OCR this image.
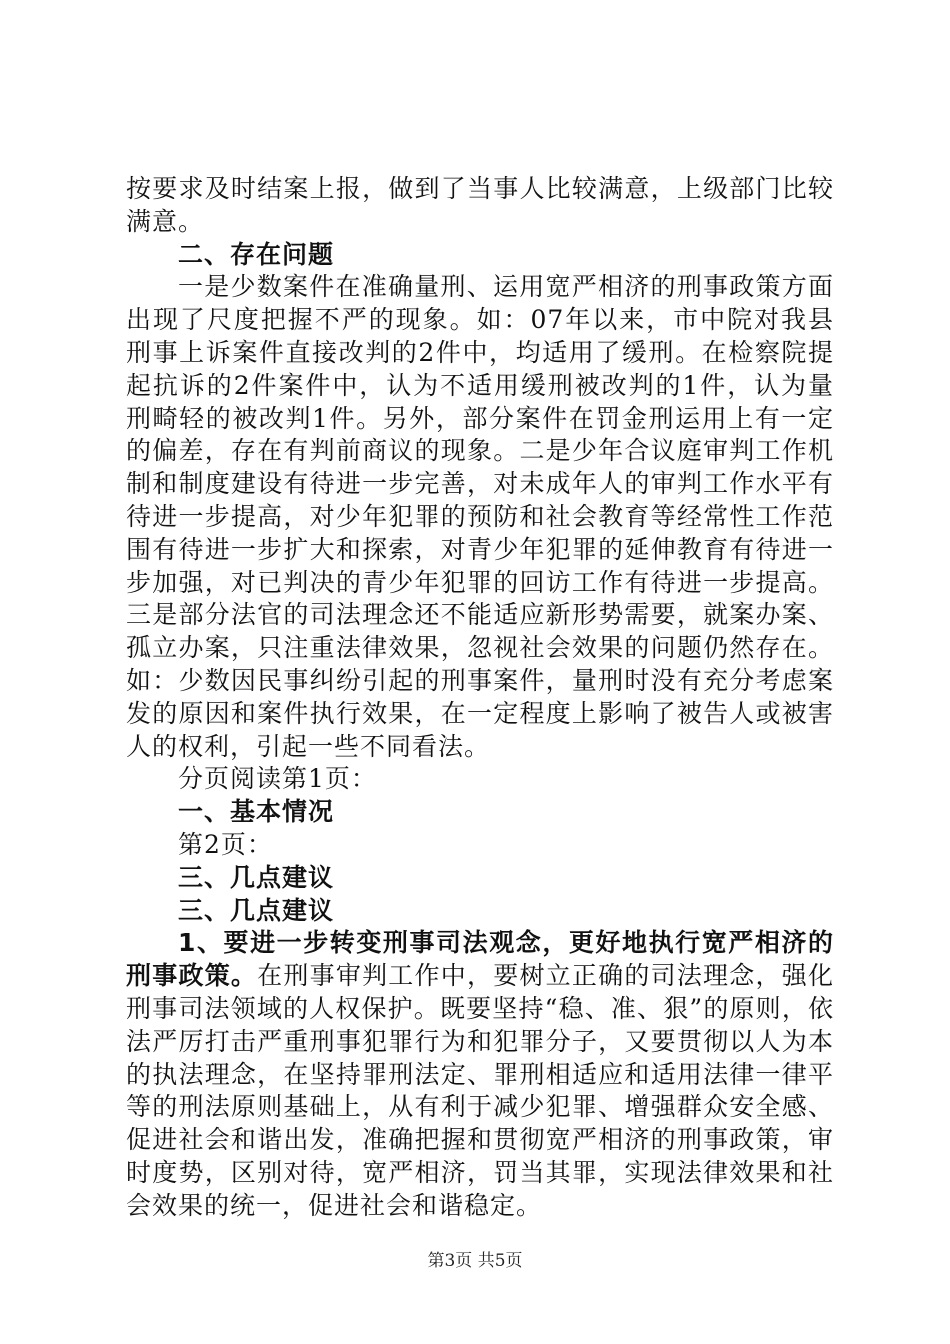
按要求及时结案上报，做到了当事人比较满意，上级部门比较满意。

二、存在问题

一是少数案件在准确量刑、运用宽严相济的刑事政策方面出现了尺度把握不严的现象。如：07年以来，市中院对我县刑事上诉案件直接改判的2件中，均适用了缓刑。在检察院提起抗诉的2件案件中，认为不适用缓刑被改判的1件，认为量刑畸轻的被改判1件。另外，部分案件在罚金刑运用上有一定的偏差，存在有判前商议的现象。二是少年合议庭审判工作机制和制度建设有待进一步完善，对未成年人的审判工作水平有待进一步提高，对少年犯罪的预防和社会教育等经常性工作范围有待进一步扩大和探索，对青少年犯罪的延伸教育有待进一步加强，对已判决的青少年犯罪的回访工作有待进一步提高。三是部分法官的司法理念还不能适应新形势需要，就案办案、孤立办案，只注重法律效果，忽视社会效果的问题仍然存在。如：少数因民事纠纷引起的刑事案件，量刑时没有充分考虑案发的原因和案件执行效果，在一定程度上影响了被告人或被害人的权利，引起一些不同看法。

分页阅读第1页：

一、基本情况

第2页：

三、几点建议

三、几点建议

1、要进一步转变刑事司法观念，更好地执行宽严相济的刑事政策。在刑事审判工作中，要树立正确的司法理念，强化刑事司法领域的人权保护。既要坚持“稳、准、狠”的原则，依法严厉打击严重刑事犯罪行为和犯罪分子，又要贯彻以人为本的执法理念，在坚持罪刑法定、罪刑相适应和适用法律一律平等的刑法原则基础上，从有利于减少犯罪、增强群众安全感、促进社会和谐出发，准确把握和贯彻宽严相济的刑事政策，审时度势，区别对待，宽严相济，罚当其罪，实现法律效果和社会效果的统一，促进社会和谐稳定。

第3页 共5页
